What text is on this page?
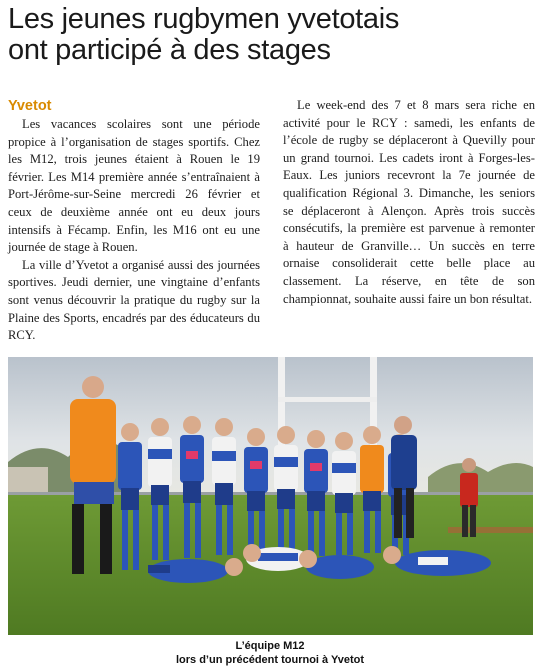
Les jeunes rugbymen yvetotais
ont participé à des stages
Yvetot

Les vacances scolaires sont une période propice à l’organisation de stages sportifs. Chez les M12, trois jeunes étaient à Rouen le 19 février. Les M14 première année s’entraînaient à Port-Jérôme-sur-Seine mercredi 26 février et ceux de deuxième année ont eu deux jours intensifs à Fécamp. Enfin, les M16 ont eu une journée de stage à Rouen.

La ville d’Yvetot a organisé aussi des journées sportives. Jeudi dernier, une vingtaine d’enfants sont venus découvrir la pratique du rugby sur la Plaine des Sports, encadrés par des éducateurs du RCY.

Le week-end des 7 et 8 mars sera riche en activité pour le RCY : samedi, les enfants de l’école de rugby se déplaceront à Quevilly pour un grand tournoi. Les cadets iront à Forges-les-Eaux. Les juniors recevront la 7e journée de qualification Régional 3. Dimanche, les seniors se déplaceront à Alençon. Après trois succès consécutifs, la première est parvenue à remonter à hauteur de Granville… Un succès en terre ornaise consoliderait cette belle place au classement. La réserve, en tête de son championnat, souhaite aussi faire un bon résultat.

L’équipe M12
lors d’un précédent tournoi à Yvetot
